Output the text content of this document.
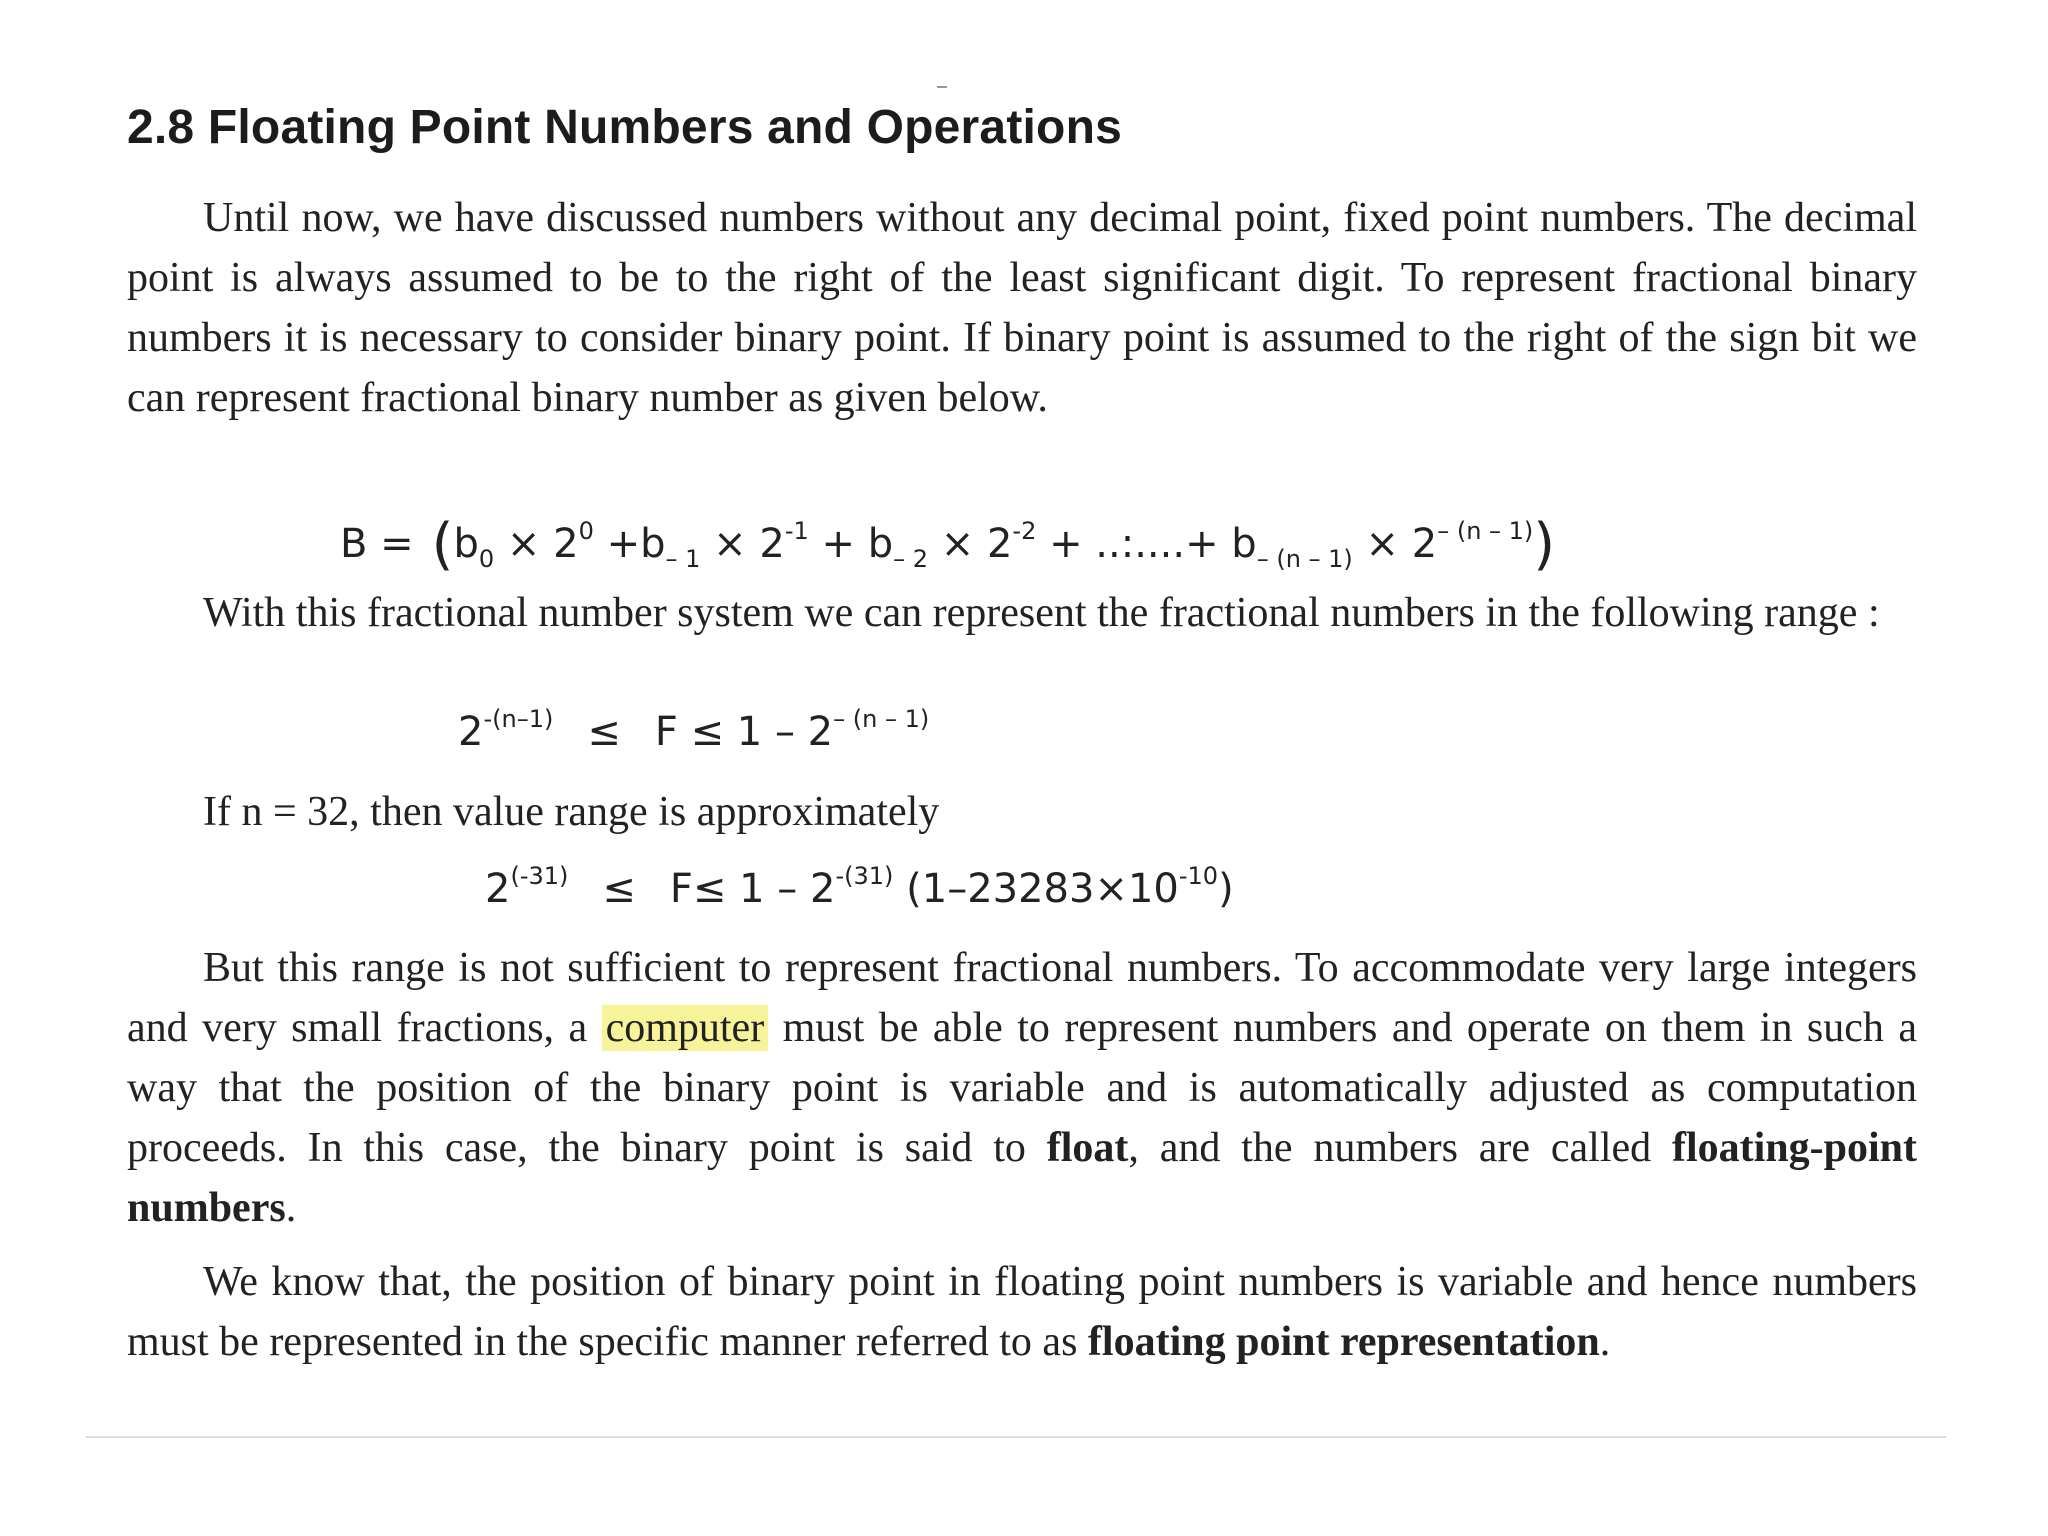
2.8 Floating Point Numbers and Operations
Until now, we have discussed numbers without any decimal point, fixed point numbers. The decimal point is always assumed to be to the right of the least significant digit. To represent fractional binary numbers it is necessary to consider binary point. If binary point is assumed to the right of the sign bit we can represent fractional binary number as given below.
$B = (b_0 \times 2^0 +b_{- 1} \times 2^{-1} + b_{- 2} \times 2^{-2}$ + ..:....+ $b_{- (n - 1)} \times 2^{- (n - 1)}$)
With this fractional number system we can represent the fractional numbers in the following range :
$2^{-(n-1)} \le F \le 1 - 2^{- (n - 1)}$
If n = 32, then value range is approximately
$2^{(-31)} \le F\le 1 - 2^{-(31)}$ $(1-23283\times 10^{-10})$
But this range is not sufficient to represent fractional numbers. To accommodate very large integers and very small fractions, a computer must be able to represent numbers and operate on them in such a way that the position of the binary point is variable and is automatically adjusted as computation proceeds. In this case, the binary point is said to float, and the numbers are called floating-point numbers.
We know that, the position of binary point in floating point numbers is variable and hence numbers must be represented in the specific manner referred to as floating point representation.
